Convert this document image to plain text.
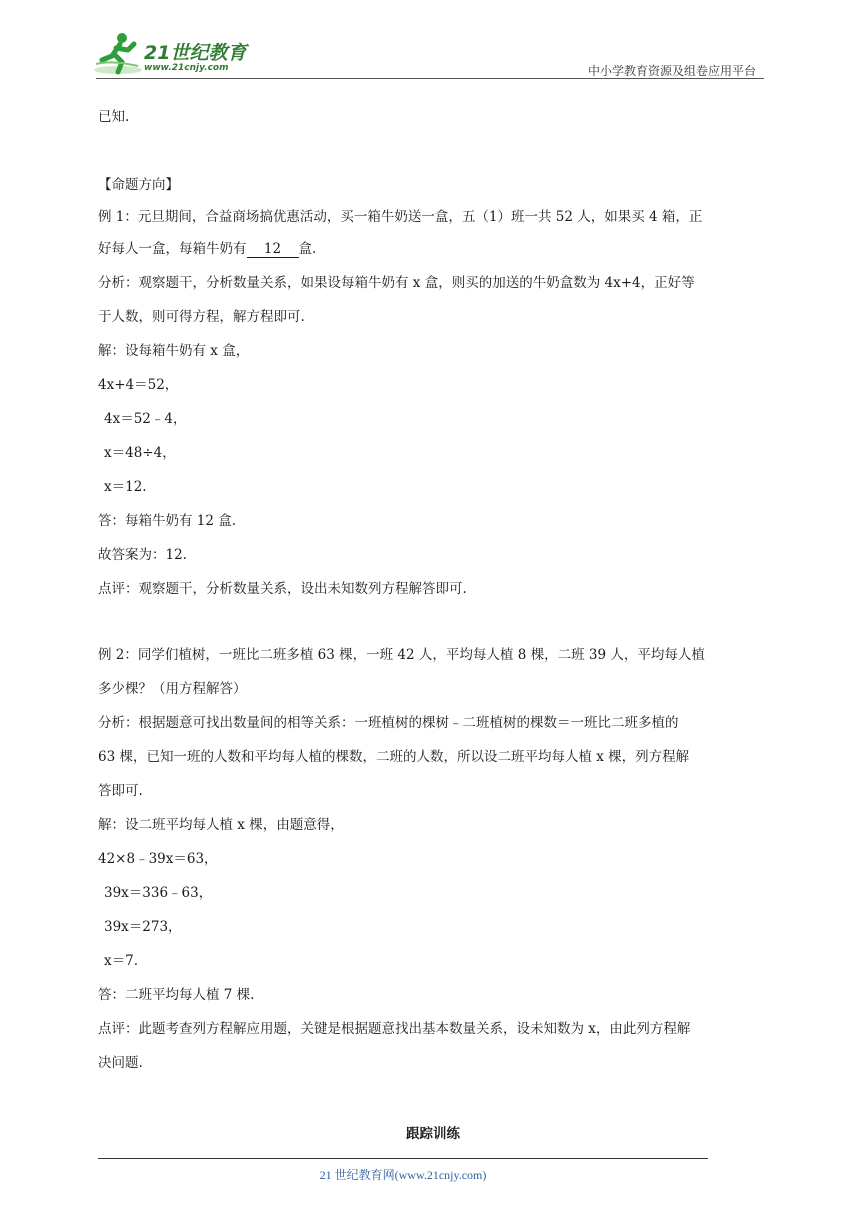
21世纪教育
www.21cnjy.com	中小学教育资源及组卷应用平台
已知.
【命题方向】
例 1：元旦期间，合益商场搞优惠活动，买一箱牛奶送一盒，五（1）班一共 52 人，如果买 4 箱，正
好每人一盒，每箱牛奶有 12 盒.
分析：观察题干，分析数量关系，如果设每箱牛奶有 x 盒，则买的加送的牛奶盒数为 4x+4，正好等
于人数，则可得方程，解方程即可.
解：设每箱牛奶有 x 盒，
4x+4＝52，
4x＝52﹣4，
x＝48÷4，
x＝12.
答：每箱牛奶有 12 盒.
故答案为：12.
点评：观察题干，分析数量关系，设出未知数列方程解答即可.
例 2：同学们植树，一班比二班多植 63 棵，一班 42 人，平均每人植 8 棵，二班 39 人，平均每人植
多少棵？（用方程解答）
分析：根据题意可找出数量间的相等关系：一班植树的棵树﹣二班植树的棵数＝一班比二班多植的
63 棵，已知一班的人数和平均每人植的棵数，二班的人数，所以设二班平均每人植 x 棵，列方程解
答即可.
解：设二班平均每人植 x 棵，由题意得，
42×8﹣39x＝63，
39x＝336﹣63，
39x＝273，
x＝7.
答：二班平均每人植 7 棵.
点评：此题考查列方程解应用题，关键是根据题意找出基本数量关系，设未知数为 x，由此列方程解
决问题.
跟踪训练
21 世纪教育网(www.21cnjy.com)
